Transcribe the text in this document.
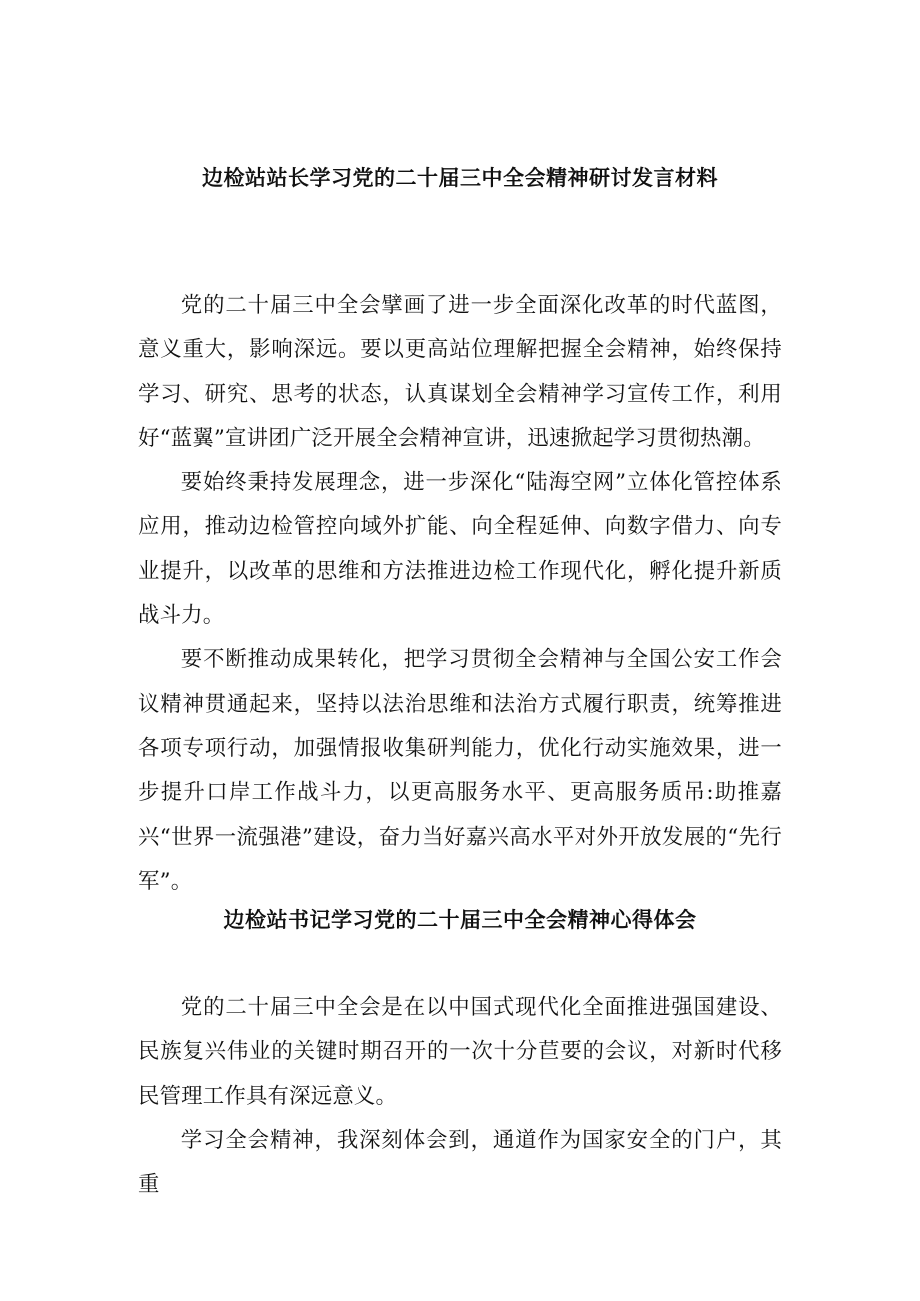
边检站站长学习党的二十届三中全会精神研讨发言材料

党的二十届三中全会擘画了进一步全面深化改革的时代蓝图，意义重大，影响深远。要以更高站位理解把握全会精神，始终保持学习、研究、思考的状态，认真谋划全会精神学习宣传工作，利用好“蓝翼”宣讲团广泛开展全会精神宣讲，迅速掀起学习贯彻热潮。

要始终秉持发展理念，进一步深化“陆海空网”立体化管控体系应用，推动边检管控向域外扩能、向全程延伸、向数字借力、向专业提升，以改革的思维和方法推进边检工作现代化，孵化提升新质战斗力。

要不断推动成果转化，把学习贯彻全会精神与全国公安工作会议精神贯通起来，坚持以法治思维和法治方式履行职责，统筹推进各项专项行动，加强情报收集研判能力，优化行动实施效果，进一步提升口岸工作战斗力，以更高服务水平、更高服务质吊:助推嘉兴“世界一流强港”建设，奋力当好嘉兴高水平对外开放发展的“先行军”。

边检站书记学习党的二十届三中全会精神心得体会

党的二十届三中全会是在以中国式现代化全面推进强国建设、民族复兴伟业的关键时期召开的一次十分苣要的会议，对新时代移民管理工作具有深远意义。

学习全会精神，我深刻体会到，通道作为国家安全的门户，其重
